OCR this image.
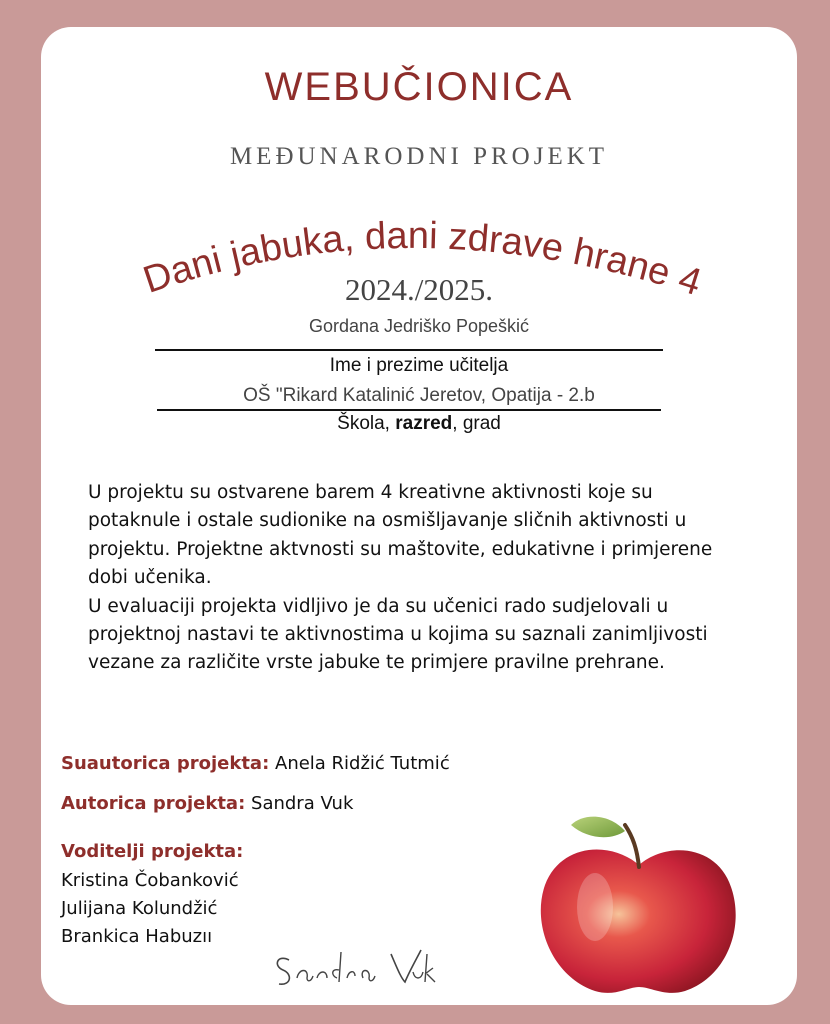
WEBUČIONICA
MEĐUNARODNI PROJEKT
Dani jabuka, dani zdrave hrane 4
2024./2025.
Gordana Jedriško Popeškić
Ime i prezime učitelja
OŠ "Rikard Katalinić Jeretov, Opatija - 2.b
Škola, razred, grad

U projektu su ostvarene barem 4 kreativne aktivnosti koje su potaknule i ostale sudionike na osmišljavanje sličnih aktivnosti u projektu. Projektne aktvnosti su maštovite, edukativne i primjerene dobi učenika.

U evaluaciji projekta vidljivo je da su učenici rado sudjelovali u projektnoj nastavi te aktivnostima u kojima su saznali zanimljivosti vezane za različite vrste jabuke te primjere pravilne prehrane.

Suautorica projekta: Anela Ridžić Tutmić
Autorica projekta: Sandra Vuk
Voditelji projekta:
Kristina Čobanković
Julijana Kolundžić
Brankica Habuzıı
